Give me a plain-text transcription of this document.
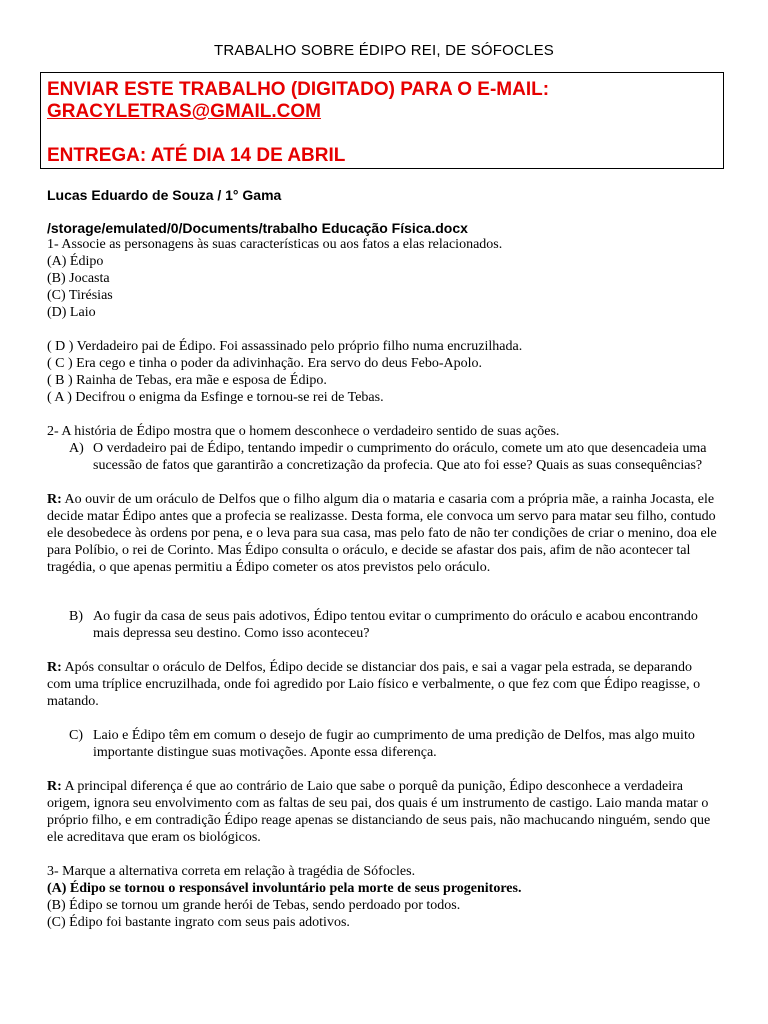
TRABALHO SOBRE ÉDIPO REI, DE SÓFOCLES
ENVIAR ESTE TRABALHO (DIGITADO) PARA O E-MAIL:
GRACYLETRAS@GMAIL.COM
ENTREGA: ATÉ DIA 14 DE ABRIL
Lucas Eduardo de Souza / 1° Gama
/storage/emulated/0/Documents/trabalho Educação Física.docx

1- Associe as personagens às suas características ou aos fatos a elas relacionados.

(A) Édipo

(B) Jocasta

(C) Tirésias

(D) Laio

( D ) Verdadeiro pai de Édipo. Foi assassinado pelo próprio filho numa encruzilhada.

( C ) Era cego e tinha o poder da adivinhação. Era servo do deus Febo-Apolo.

( B ) Rainha de Tebas, era mãe e esposa de Édipo.

( A ) Decifrou o enigma da Esfinge e tornou-se rei de Tebas.

2- A história de Édipo mostra que o homem desconhece o verdadeiro sentido de suas ações.

A) O verdadeiro pai de Édipo, tentando impedir o cumprimento do oráculo, comete um ato que desencadeia uma sucessão de fatos que garantirão a concretização da profecia. Que ato foi esse? Quais as suas consequências?

R: Ao ouvir de um oráculo de Delfos que o filho algum dia o mataria e casaria com a própria mãe, a rainha Jocasta, ele decide matar Édipo antes que a profecia se realizasse. Desta forma, ele convoca um servo para matar seu filho, contudo ele desobedece às ordens por pena, e o leva para sua casa, mas pelo fato de não ter condições de criar o menino, doa ele para Políbio, o rei de Corinto. Mas Édipo consulta o oráculo, e decide se afastar dos pais, afim de não acontecer tal tragédia, o que apenas permitiu a Édipo cometer os atos previstos pelo oráculo.

B) Ao fugir da casa de seus pais adotivos, Édipo tentou evitar o cumprimento do oráculo e acabou encontrando mais depressa seu destino. Como isso aconteceu?

R: Após consultar o oráculo de Delfos, Édipo decide se distanciar dos pais, e sai a vagar pela estrada, se deparando com uma tríplice encruzilhada, onde foi agredido por Laio físico e verbalmente, o que fez com que Édipo reagisse, o matando.

C) Laio e Édipo têm em comum o desejo de fugir ao cumprimento de uma predição de Delfos, mas algo muito importante distingue suas motivações. Aponte essa diferença.

R: A principal diferença é que ao contrário de Laio que sabe o porquê da punição, Édipo desconhece a verdadeira origem, ignora seu envolvimento com as faltas de seu pai, dos quais é um instrumento de castigo. Laio manda matar o próprio filho, e em contradição Édipo reage apenas se distanciando de seus pais, não machucando ninguém, sendo que ele acreditava que eram os biológicos.

3- Marque a alternativa correta em relação à tragédia de Sófocles.

(A) Édipo se tornou o responsável involuntário pela morte de seus progenitores.

(B) Édipo se tornou um grande herói de Tebas, sendo perdoado por todos.

(C) Édipo foi bastante ingrato com seus pais adotivos.
